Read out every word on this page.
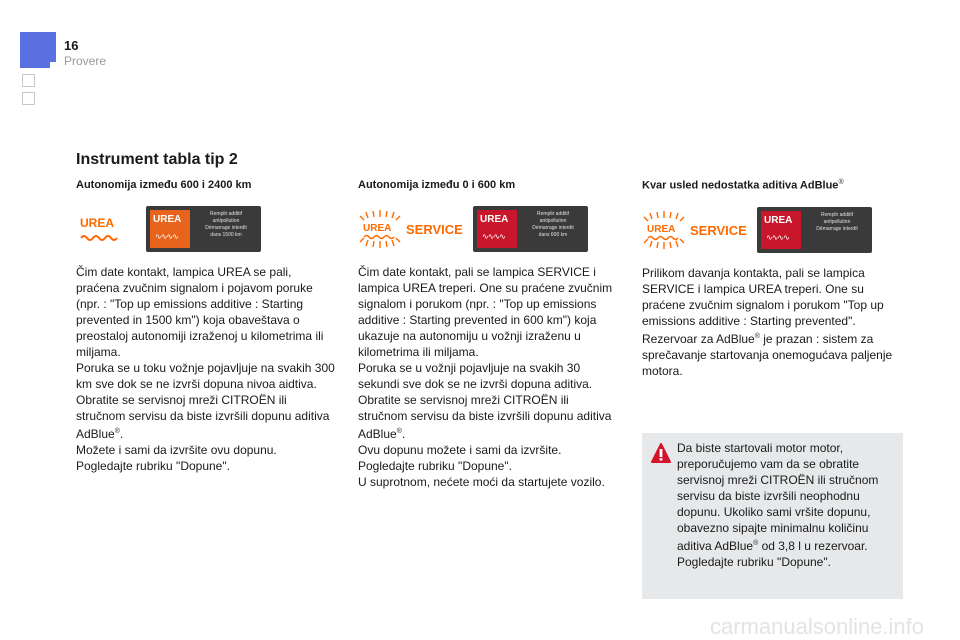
16
Provere
Instrument tabla tip 2
Autonomija između 600 i 2400 km
UREA	UREA
∿∿∿∿
Remplir additif
antipollution
Démarrage interdit
dans 1500 km

Čim date kontakt, lampica UREA se pali, praćena zvučnim signalom i pojavom poruke (npr. : "Top up emissions additive : Starting prevented in 1500 km") koja obaveštava o preostaloj autonomiji izraženoj u kilometrima ili miljama.
Poruka se u toku vožnje pojavljuje na svakih 300 km sve dok se ne izvrši dopuna nivoa aidtiva.
Obratite se servisnoj mreži CITROËN ili stručnom servisu da biste izvršili dopunu aditiva AdBlue®.
Možete i sami da izvršite ovu dopunu.
Pogledajte rubriku "Dopune".

Autonomija između 0 i 600 km
UREA SERVICE
UREA
∿∿∿∿
Remplir additif
antipollution
Démarrage interdit
dans 600 km

Čim date kontakt, pali se lampica SERVICE i lampica UREA treperi. One su praćene zvučnim signalom i porukom (npr. : "Top up emissions additive : Starting prevented in 600 km") koja ukazuje na autonomiju u vožnji izraženu u kilometrima ili miljama.
Poruka se u vožnji pojavljuje na svakih 30 sekundi sve dok se ne izvrši dopuna aditiva.
Obratite se servisnoj mreži CITROËN ili stručnom servisu da biste izvršili dopunu aditiva AdBlue®.
Ovu dopunu možete i sami da izvršite.
Pogledajte rubriku "Dopune".
U suprotnom, nećete moći da startujete vozilo.

Kvar usled nedostatka aditiva AdBlue®
UREA SERVICE
UREA
∿∿∿∿
Remplir additif
antipollution
Démarrage interdit

Prilikom davanja kontakta, pali se lampica SERVICE i lampica UREA treperi. One su praćene zvučnim signalom i porukom "Top up emissions additive : Starting prevented".
Rezervoar za AdBlue® je prazan : sistem za sprečavanje startovanja onemogućava paljenje motora.

Da biste startovali motor motor, preporučujemo vam da se obratite servisnoj mreži CITROËN ili stručnom servisu da biste izvršili neophodnu dopunu. Ukoliko sami vršite dopunu, obavezno sipajte minimalnu količinu aditiva AdBlue® od 3,8 l u rezervoar. Pogledajte rubriku "Dopune".

carmanualsonline.info
